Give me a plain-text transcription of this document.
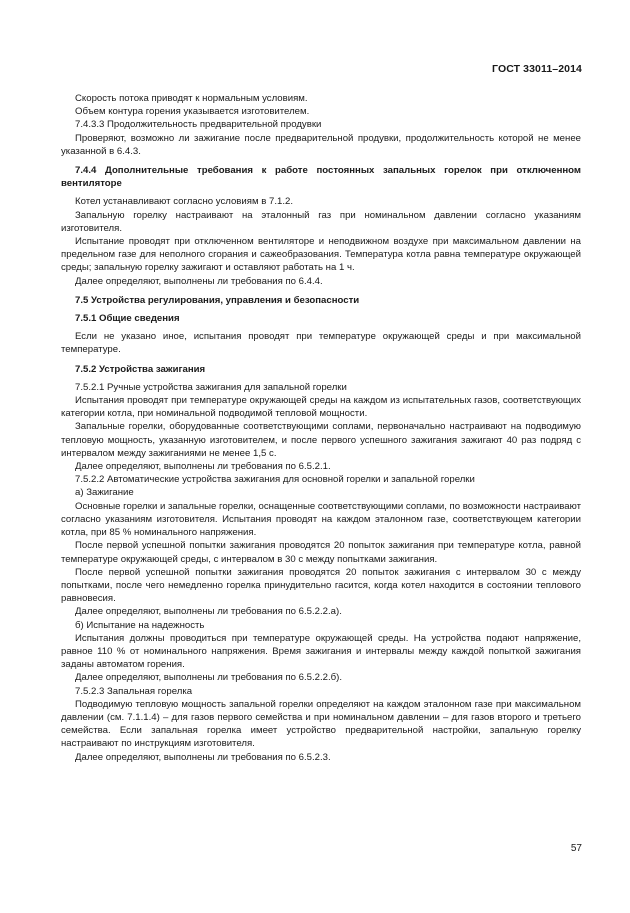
ГОСТ 33011–2014

Скорость потока приводят к нормальным условиям.

Объем контура горения указывается изготовителем.

7.4.3.3 Продолжительность предварительной продувки

Проверяют, возможно ли зажигание после предварительной продувки, продолжительность которой не менее указанной в 6.4.3.

7.4.4 Дополнительные требования к работе постоянных запальных горелок при отключенном вентиляторе

Котел устанавливают согласно условиям в 7.1.2.

Запальную горелку настраивают на эталонный газ при номинальном давлении согласно указаниям изготовителя.

Испытание проводят при отключенном вентиляторе и неподвижном воздухе при максимальном давлении на предельном газе для неполного сгорания и сажеобразования. Температура котла равна температуре окружающей среды; запальную горелку зажигают и оставляют работать на 1 ч.

Далее определяют, выполнены ли требования по 6.4.4.

7.5 Устройства регулирования, управления и безопасности

7.5.1 Общие сведения

Если не указано иное, испытания проводят при температуре окружающей среды и при максимальной температуре.

7.5.2 Устройства зажигания

7.5.2.1 Ручные устройства зажигания для запальной горелки

Испытания проводят при температуре окружающей среды на каждом из испытательных газов, соответствующих категории котла, при номинальной подводимой тепловой мощности.

Запальные горелки, оборудованные соответствующими соплами, первоначально настраивают на подводимую тепловую мощность, указанную изготовителем, и после первого успешного зажигания зажигают 40 раз подряд с интервалом между зажиганиями не менее 1,5 с.

Далее определяют, выполнены ли требования по 6.5.2.1.

7.5.2.2 Автоматические устройства зажигания для основной горелки и запальной горелки

а) Зажигание

Основные горелки и запальные горелки, оснащенные соответствующими соплами, по возможности настраивают согласно указаниям изготовителя. Испытания проводят на каждом эталонном газе, соответствующем категории котла, при 85 % номинального напряжения.

После первой успешной попытки зажигания проводятся 20 попыток зажигания при температуре котла, равной температуре окружающей среды, с интервалом в 30 с между попытками зажигания.

После первой успешной попытки зажигания проводятся 20 попыток зажигания с интервалом 30 с между попытками, после чего немедленно горелка принудительно гасится, когда котел находится в состоянии теплового равновесия.

Далее определяют, выполнены ли требования по 6.5.2.2.а).

б) Испытание на надежность

Испытания должны проводиться при температуре окружающей среды. На устройства подают напряжение, равное 110 % от номинального напряжения. Время зажигания и интервалы между каждой попыткой зажигания заданы автоматом горения.

Далее определяют, выполнены ли требования по 6.5.2.2.б).

7.5.2.3 Запальная горелка

Подводимую тепловую мощность запальной горелки определяют на каждом эталонном газе при максимальном давлении (см. 7.1.1.4) – для газов первого семейства и при номинальном давлении – для газов второго и третьего семейства. Если запальная горелка имеет устройство предварительной настройки, запальную горелку настраивают по инструкциям изготовителя.

Далее определяют, выполнены ли требования по 6.5.2.3.

57
